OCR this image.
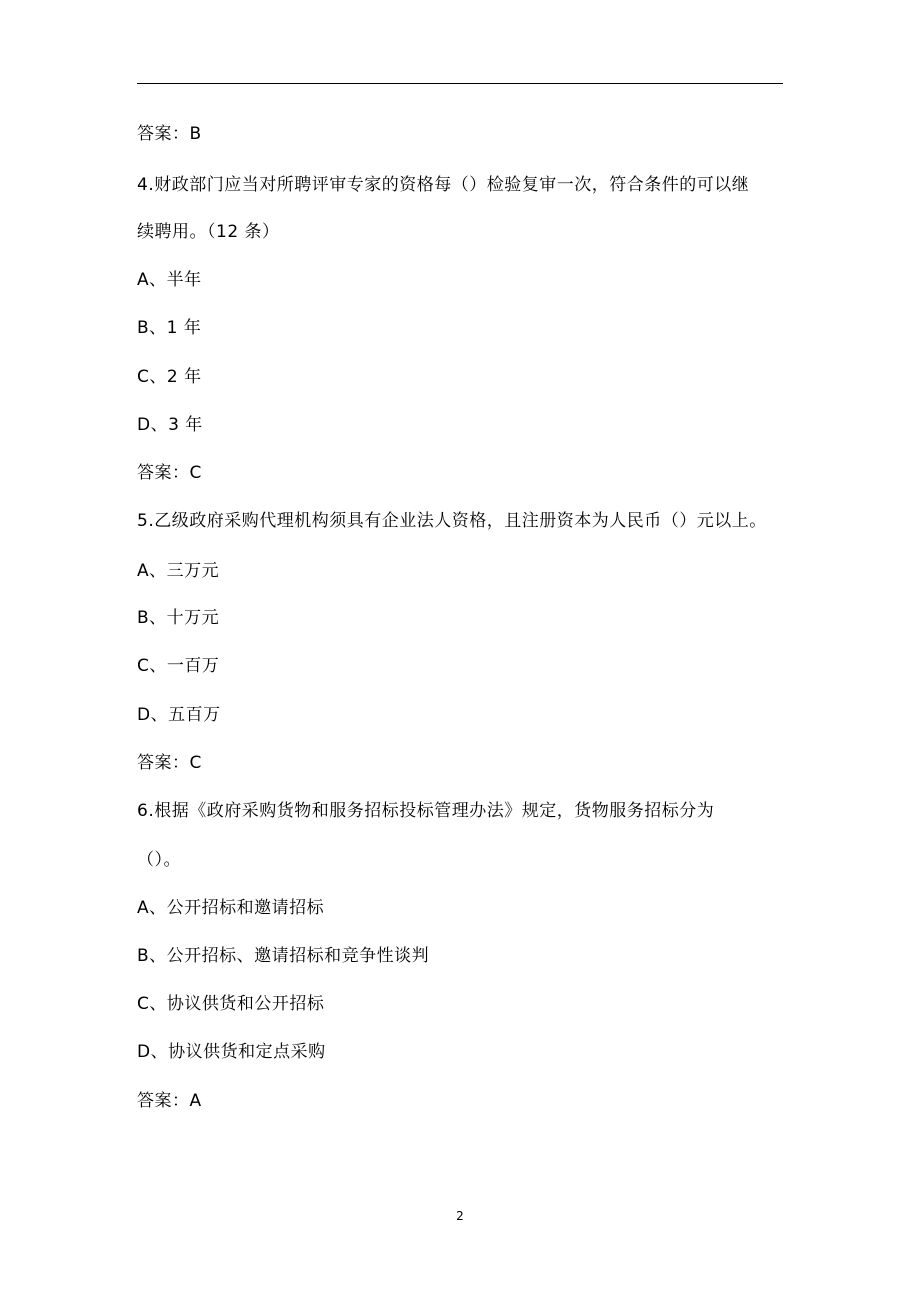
答案：B
4.财政部门应当对所聘评审专家的资格每（）检验复审一次，符合条件的可以继
续聘用。（12 条）
A、半年
B、1 年
C、2 年
D、3 年
答案：C
5.乙级政府采购代理机构须具有企业法人资格，且注册资本为人民币（）元以上。
A、三万元
B、十万元
C、一百万
D、五百万
答案：C
6.根据《政府采购货物和服务招标投标管理办法》规定，货物服务招标分为
（）。
A、公开招标和邀请招标
B、公开招标、邀请招标和竞争性谈判
C、协议供货和公开招标
D、协议供货和定点采购
答案：A
2
